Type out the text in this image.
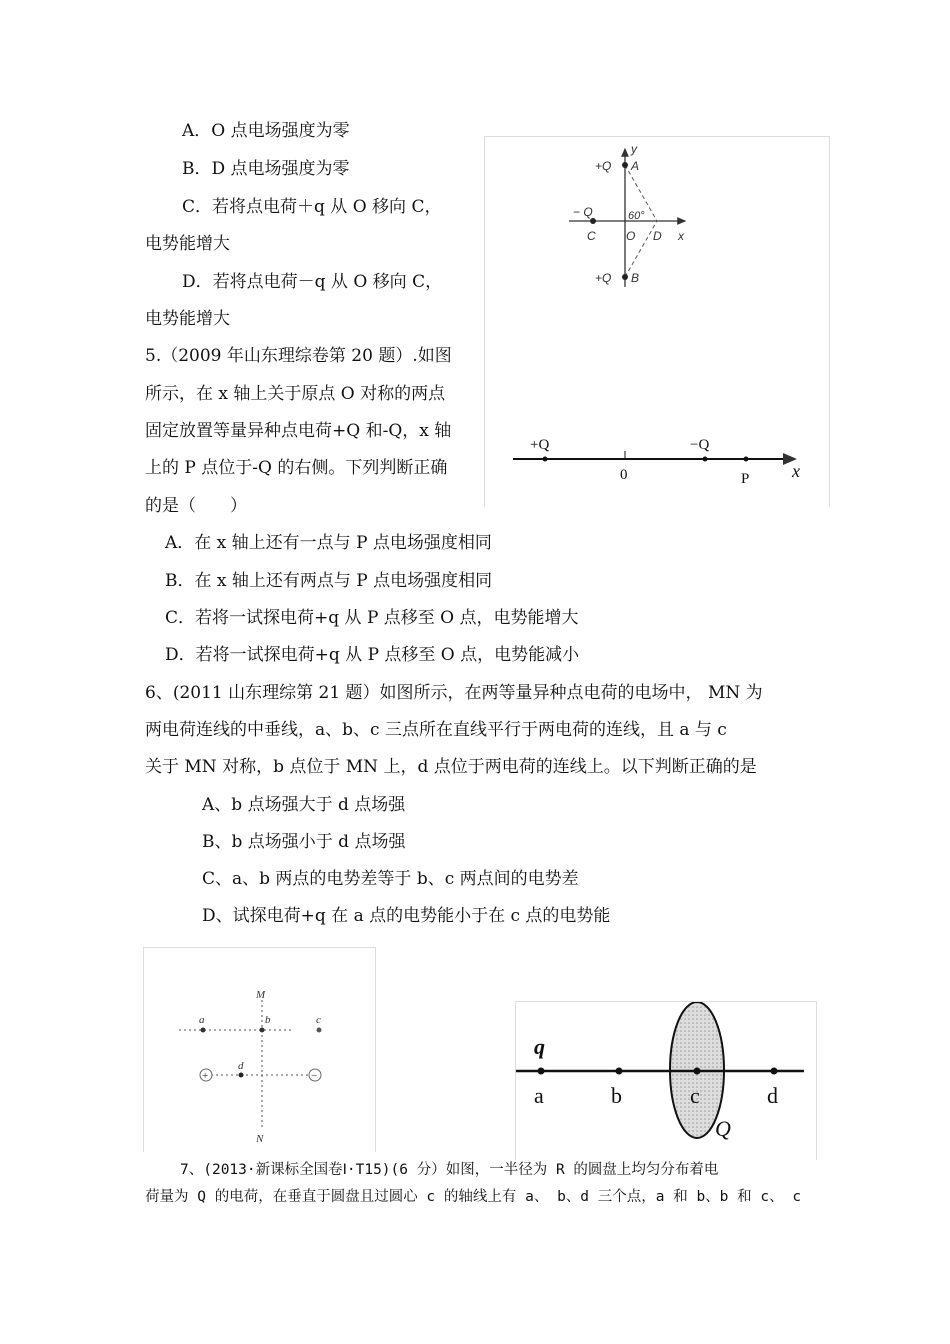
A．O 点电场强度为零
B．D 点电场强度为零
C．若将点电荷＋q 从 O 移向 C，
电势能增大
D．若将点电荷－q 从 O 移向 C，
电势能增大
5.（2009 年山东理综卷第 20 题）.如图
所示，在 x 轴上关于原点 O 对称的两点
固定放置等量异种点电荷+Q 和-Q，x 轴
上的 P 点位于-Q 的右侧。下列判断正确
的是（　　）
A．在 x 轴上还有一点与 P 点电场强度相同
B．在 x 轴上还有两点与 P 点电场强度相同
C．若将一试探电荷+q 从 P 点移至 O 点，电势能增大
D．若将一试探电荷+q 从 P 点移至 O 点，电势能减小
6、(2011 山东理综第 21 题）如图所示，在两等量异种点电荷的电场中， MN 为
两电荷连线的中垂线，a、b、c 三点所在直线平行于两电荷的连线，且 a 与 c
关于 MN 对称，b 点位于 MN 上，d 点位于两电荷的连线上。以下判断正确的是
A、b 点场强大于 d 点场强
B、b 点场强小于 d 点场强
C、a、b 两点的电势差等于 b、c 两点间的电势差
D、试探电荷+q 在 a 点的电势能小于在 c 点的电势能
+Q A
y
− Q	60°
C	O D x
+Q B
+Q
0
−Q
P x
M
N
a	b	c
d
+	−
q
a	b	c	d
Q
7、(2013·新课标全国卷Ⅰ·T15)(6 分）如图，一半径为 R 的圆盘上均匀分布着电
荷量为 Q 的电荷，在垂直于圆盘且过圆心 c 的轴线上有 a、 b、d 三个点，a 和 b、b 和 c、 c
